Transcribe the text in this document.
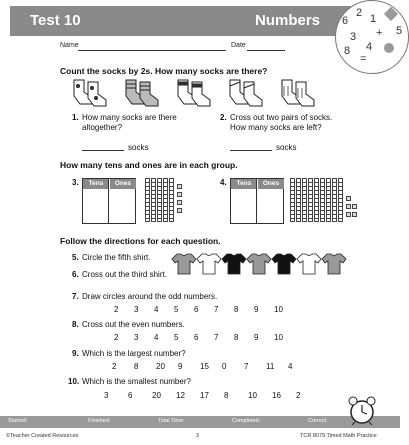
Test 10	Numbers 6
2 1
5
3
4
8
+
=
Name	Date
Count the socks by 2s. How many socks are there?
1. How many socks are there altogether?
socks
2. Cross out two pairs of socks. How many socks are left?
socks
How many tens and ones are in each group.
3.	Tens	Ones	4.	Tens	Ones
Follow the directions for each question.
5. Circle the fifth shirt.
6. Cross out the third shirt.
7. Draw circles around the odd numbers.
2 3 4 5 6 7 8 9 10
8. Cross out the even numbers.
2 3 4 5 6 7 8 9 10
9. Which is the largest number?
2 8 20 9 15 0 7 11 4
10. Which is the smallest number?
3 6 20 12 17 8 10 16 2
Started:	Finished:	Total Time:	Completed:	Correct:
©Teacher Created Resources	3	TCR 8079 Timed Math Practice
